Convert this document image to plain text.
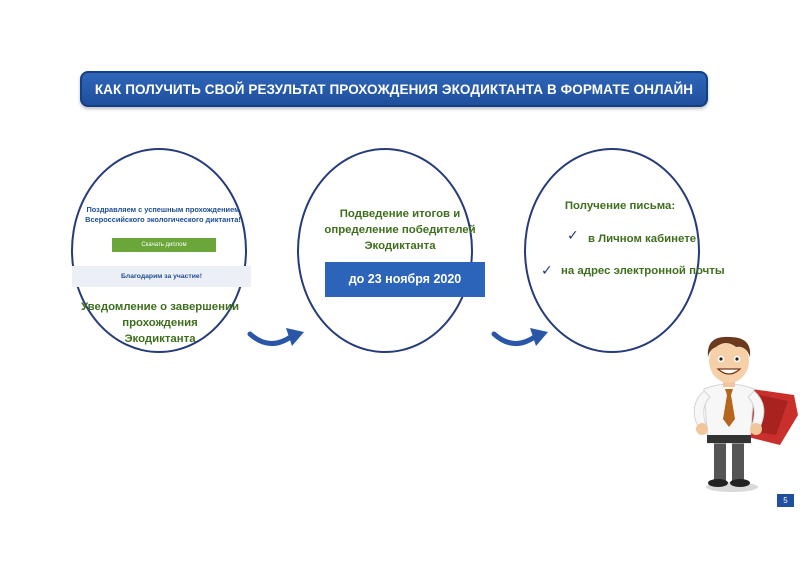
КАК ПОЛУЧИТЬ СВОЙ РЕЗУЛЬТАТ ПРОХОЖДЕНИЯ ЭКОДИКТАНТА В ФОРМАТЕ ОНЛАЙН
Поздравляем с успешным прохождением
Всероссийского экологического диктанта!
Скачать диплом
Благодарим за участие!
Уведомление о завершении
прохождения
Экодиктанта
Подведение итогов и
определение победителей
Экодиктанта
до 23 ноября 2020
Получение письма:
✓ в Личном кабинете
✓ на адрес электронной почты
5
